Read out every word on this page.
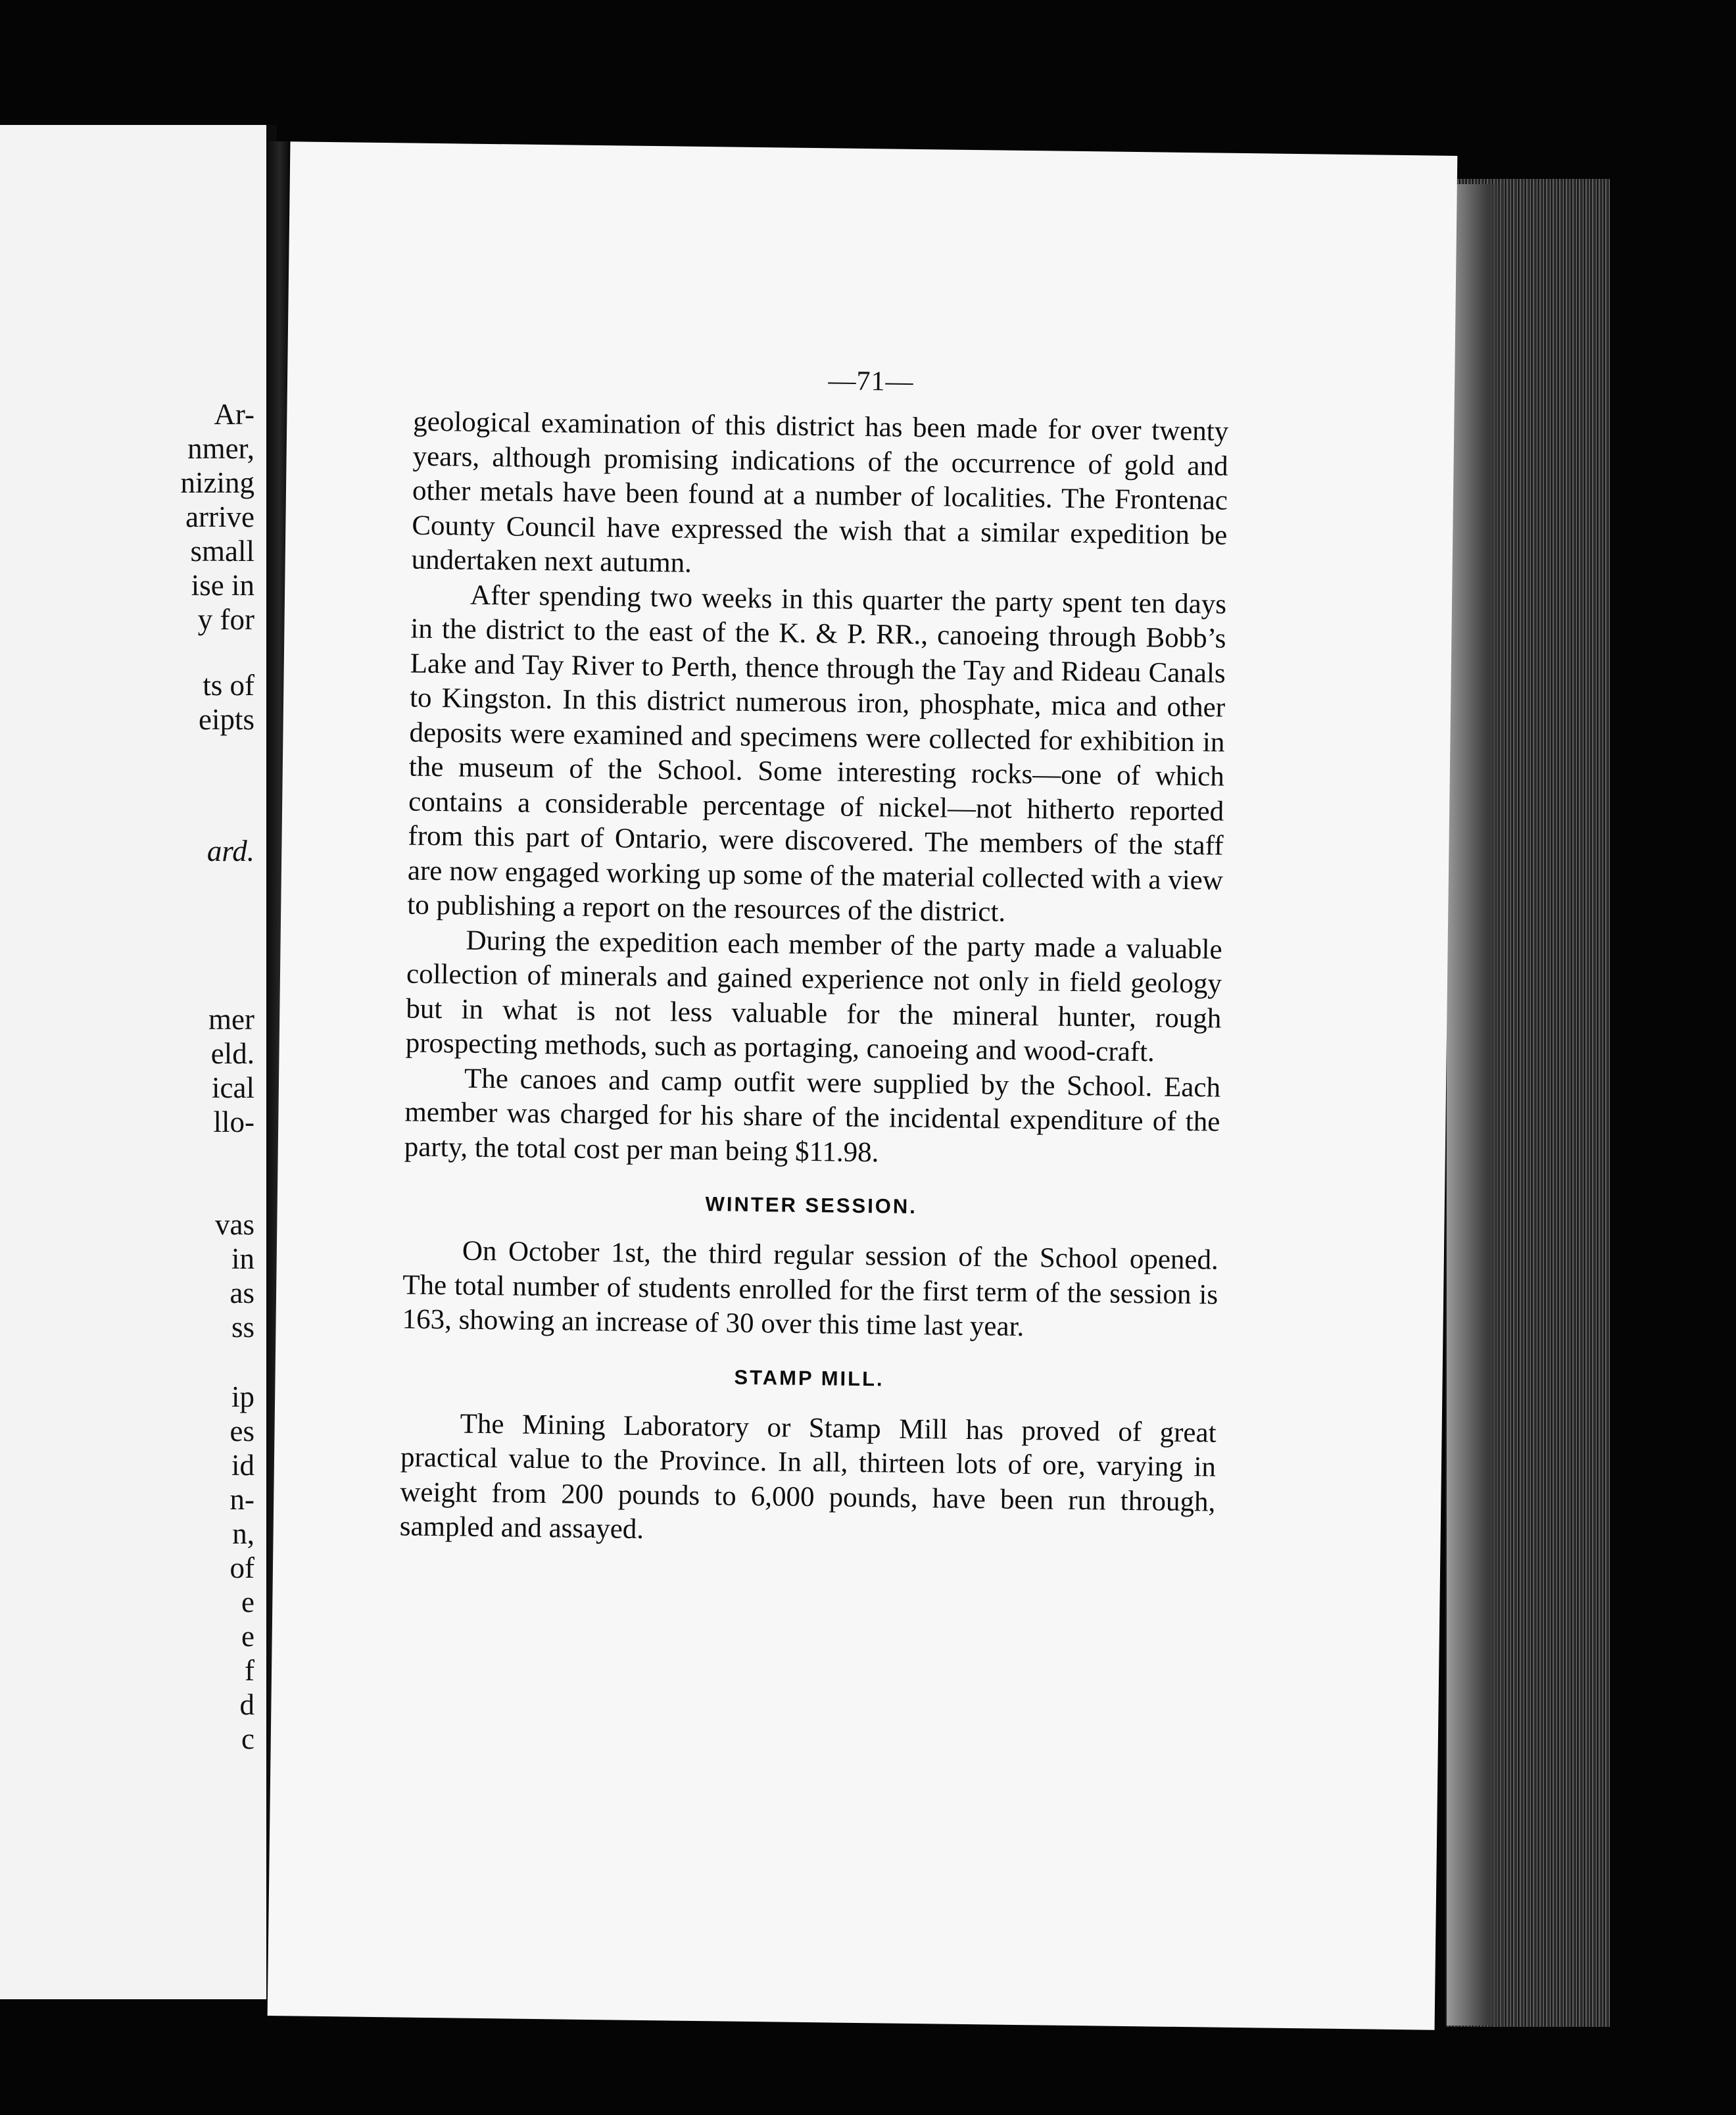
Ar-
nmer,
nizing
arrive
small
ise in
y for
ts of
eipts
ard.
mer
eld.
ical
llo-
vas
in
as
ss
ip
es
id
n-
n,
of
e
e
f
d
c
—71—

geological examination of this district has been made for over twenty years, although promising indications of the occurrence of gold and other metals have been found at a number of localities. The Frontenac County Council have expressed the wish that a similar expedition be undertaken next autumn.

After spending two weeks in this quarter the party spent ten days in the district to the east of the K. & P. RR., canoeing through Bobb’s Lake and Tay River to Perth, thence through the Tay and Rideau Canals to Kingston. In this district numerous iron, phosphate, mica and other deposits were examined and specimens were collected for exhibition in the museum of the School. Some interesting rocks—one of which contains a considerable percentage of nickel—not hitherto reported from this part of Ontario, were discovered. The members of the staff are now engaged working up some of the material collected with a view to publishing a report on the resources of the district.

During the expedition each member of the party made a valuable collection of minerals and gained experience not only in field geology but in what is not less valuable for the mineral hunter, rough prospecting methods, such as portaging, canoeing and wood-craft.

The canoes and camp outfit were supplied by the School. Each member was charged for his share of the incidental expenditure of the party, the total cost per man being $11.98.

WINTER SESSION.

On October 1st, the third regular session of the School opened. The total number of students enrolled for the first term of the session is 163, showing an increase of 30 over this time last year.

STAMP MILL.

The Mining Laboratory or Stamp Mill has proved of great practical value to the Province. In all, thirteen lots of ore, varying in weight from 200 pounds to 6,000 pounds, have been run through, sampled and assayed.
